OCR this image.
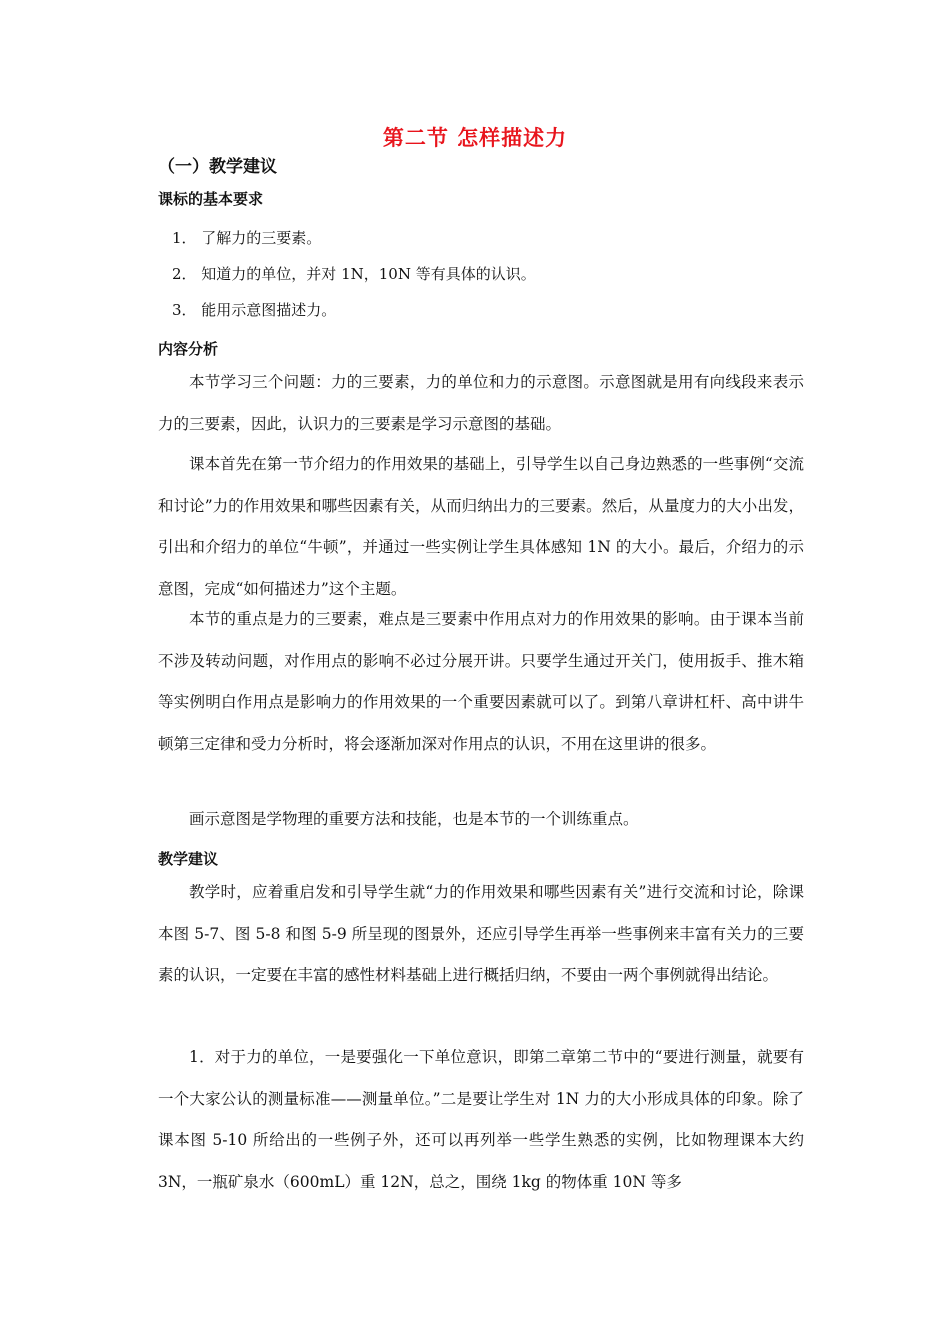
第二节 怎样描述力
（一）教学建议
课标的基本要求
1． 了解力的三要素。
2． 知道力的单位，并对 1N，10N 等有具体的认识。
3． 能用示意图描述力。
内容分析
本节学习三个问题：力的三要素，力的单位和力的示意图。示意图就是用有向线段来表示力的三要素，因此，认识力的三要素是学习示意图的基础。
课本首先在第一节介绍力的作用效果的基础上，引导学生以自己身边熟悉的一些事例“交流和讨论”力的作用效果和哪些因素有关，从而归纳出力的三要素。然后，从量度力的大小出发，引出和介绍力的单位“牛顿”，并通过一些实例让学生具体感知 1N 的大小。最后，介绍力的示意图，完成“如何描述力”这个主题。
本节的重点是力的三要素，难点是三要素中作用点对力的作用效果的影响。由于课本当前不涉及转动问题，对作用点的影响不必过分展开讲。只要学生通过开关门，使用扳手、推木箱等实例明白作用点是影响力的作用效果的一个重要因素就可以了。到第八章讲杠杆、高中讲牛顿第三定律和受力分析时，将会逐渐加深对作用点的认识，不用在这里讲的很多。
画示意图是学物理的重要方法和技能，也是本节的一个训练重点。
教学建议
教学时，应着重启发和引导学生就“力的作用效果和哪些因素有关”进行交流和讨论，除课本图 5-7、图 5-8 和图 5-9 所呈现的图景外，还应引导学生再举一些事例来丰富有关力的三要素的认识，一定要在丰富的感性材料基础上进行概括归纳，不要由一两个事例就得出结论。
1．对于力的单位，一是要强化一下单位意识，即第二章第二节中的“要进行测量，就要有一个大家公认的测量标准——测量单位。”二是要让学生对 1N 力的大小形成具体的印象。除了课本图 5-10 所给出的一些例子外，还可以再列举一些学生熟悉的实例，比如物理课本大约 3N，一瓶矿泉水（600mL）重 12N，总之，围绕 1kg 的物体重 10N 等多
